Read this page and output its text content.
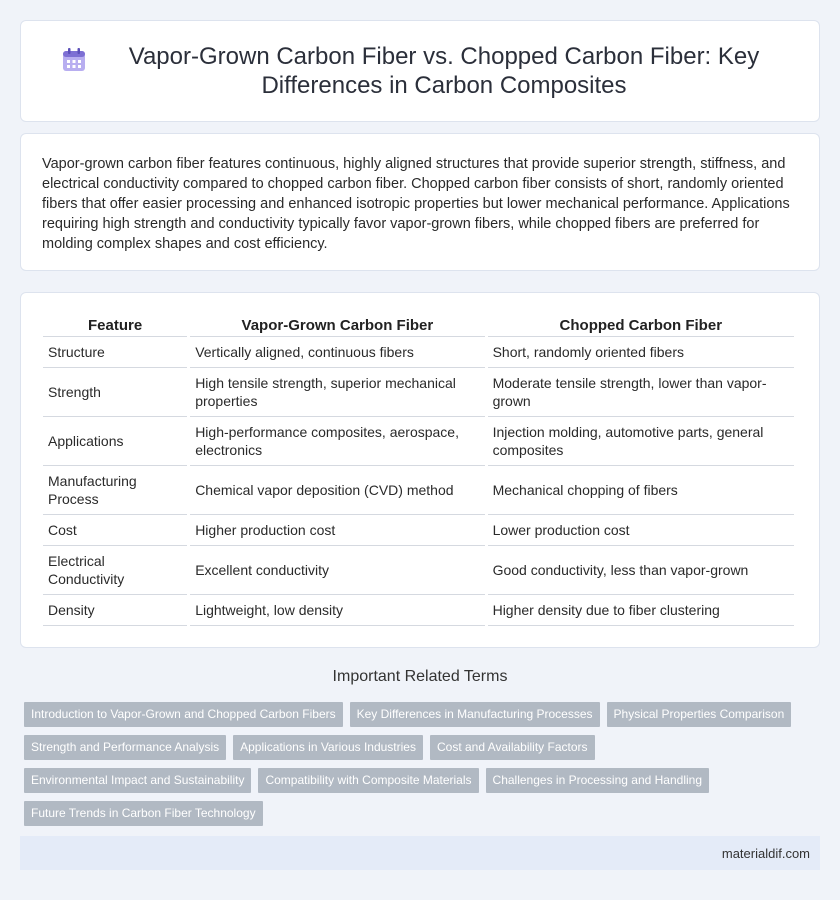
Vapor-Grown Carbon Fiber vs. Chopped Carbon Fiber: Key Differences in Carbon Composites

Vapor-grown carbon fiber features continuous, highly aligned structures that provide superior strength, stiffness, and electrical conductivity compared to chopped carbon fiber. Chopped carbon fiber consists of short, randomly oriented fibers that offer easier processing and enhanced isotropic properties but lower mechanical performance. Applications requiring high strength and conductivity typically favor vapor-grown fibers, while chopped fibers are preferred for molding complex shapes and cost efficiency.

Feature	Vapor-Grown Carbon Fiber	Chopped Carbon Fiber
Structure	Vertically aligned, continuous fibers	Short, randomly oriented fibers
Strength	High tensile strength, superior mechanical properties	Moderate tensile strength, lower than vapor-grown
Applications	High-performance composites, aerospace, electronics	Injection molding, automotive parts, general composites
Manufacturing Process	Chemical vapor deposition (CVD) method	Mechanical chopping of fibers
Cost	Higher production cost	Lower production cost
Electrical Conductivity	Excellent conductivity	Good conductivity, less than vapor-grown
Density	Lightweight, low density	Higher density due to fiber clustering
Important Related Terms
Introduction to Vapor-Grown and Chopped Carbon Fibers Key Differences in Manufacturing Processes Physical Properties Comparison
Strength and Performance Analysis Applications in Various Industries Cost and Availability Factors
Environmental Impact and Sustainability Compatibility with Composite Materials Challenges in Processing and Handling
Future Trends in Carbon Fiber Technology
materialdif.com
